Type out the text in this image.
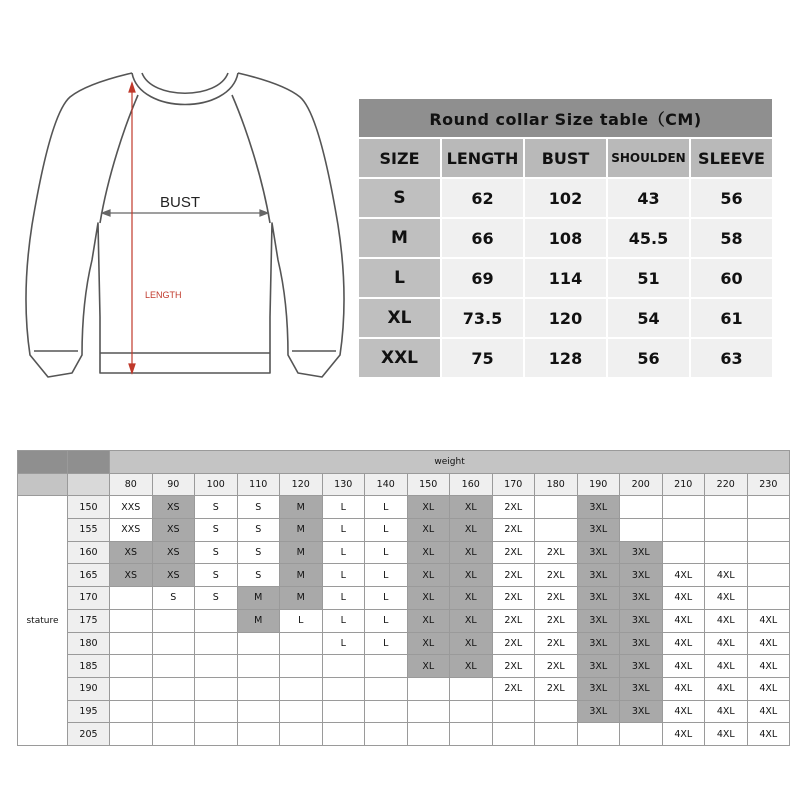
BUST
LENGTH
Round collar Size table（CM)				
SIZE	LENGTH	BUST	SHOULDEN	SLEEVE
S	62	102	43	56
M	66	108	45.5	58
L	69	114	51	60
XL	73.5	120	54	61
XXL	75	128	56	63
		weight															
		80	90	100	110	120	130	140	150	160	170	180	190	200	210	220	230
stature	150	XXS	XS	S	S	M	L	L	XL	XL	2XL		3XL				
	155	XXS	XS	S	S	M	L	L	XL	XL	2XL		3XL				
	160	XS	XS	S	S	M	L	L	XL	XL	2XL	2XL	3XL	3XL			
	165	XS	XS	S	S	M	L	L	XL	XL	2XL	2XL	3XL	3XL	4XL	4XL	
	170		S	S	M	M	L	L	XL	XL	2XL	2XL	3XL	3XL	4XL	4XL	
	175				M	L	L	L	XL	XL	2XL	2XL	3XL	3XL	4XL	4XL	4XL
	180						L	L	XL	XL	2XL	2XL	3XL	3XL	4XL	4XL	4XL
	185								XL	XL	2XL	2XL	3XL	3XL	4XL	4XL	4XL
	190										2XL	2XL	3XL	3XL	4XL	4XL	4XL
	195												3XL	3XL	4XL	4XL	4XL
	205														4XL	4XL	4XL
